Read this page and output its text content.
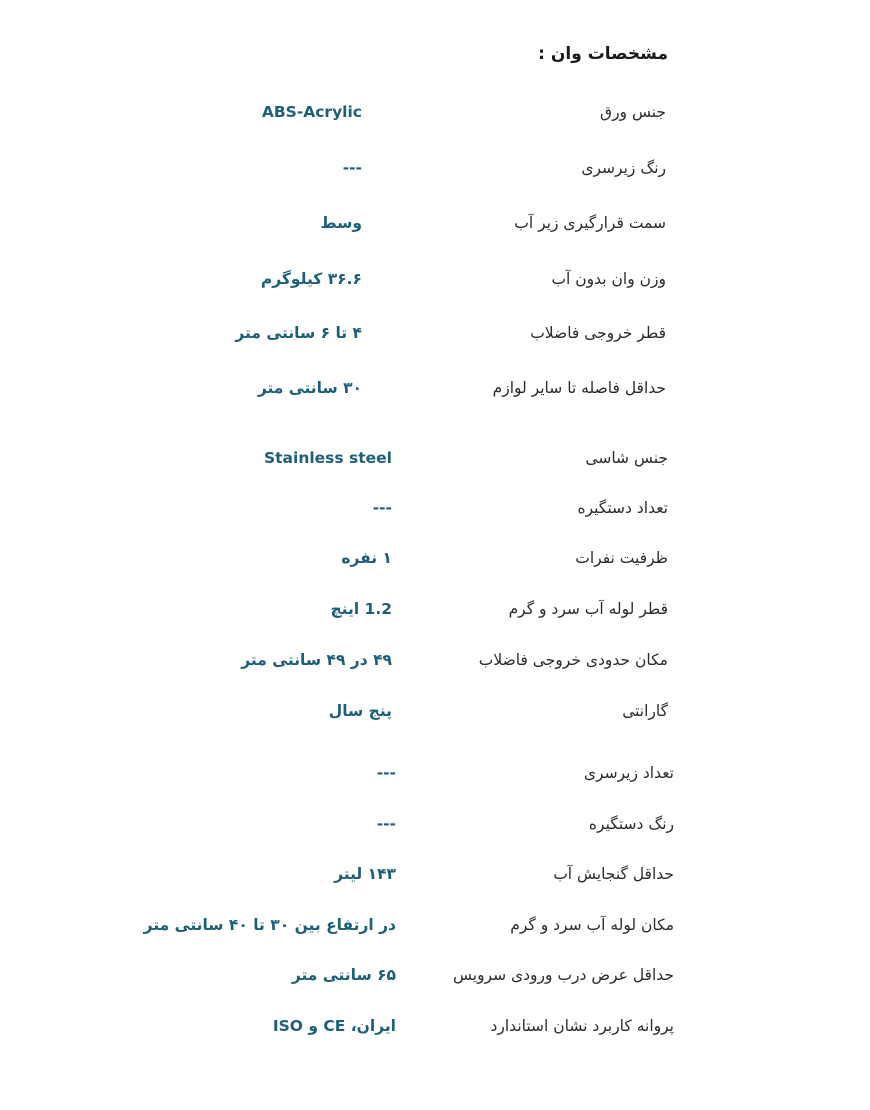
مشخصات وان :
جنس ورق
ABS-Acrylic
رنگ زیرسری
---
سمت قرارگیری زیر آب
وسط
وزن وان بدون آب
۳۶.۶ کیلوگرم
قطر خروجی فاضلاب
۴ تا ۶ سانتی متر
حداقل فاصله تا سایر لوازم
۳۰ سانتی متر
جنس شاسی
Stainless steel
تعداد دستگیره
---
ظرفیت نفرات
۱ نفره
قطر لوله آب سرد و گرم
1.2 اینچ
مکان حدودی خروجی فاضلاب
۴۹ در ۴۹ سانتی متر
گارانتی
پنج سال
تعداد زیرسری
---
رنگ دستگیره
---
حداقل گنجایش آب
۱۴۳ لیتر
مکان لوله آب سرد و گرم
در ارتفاع بین ۳۰ تا ۴۰ سانتی متر
حداقل عرض درب ورودی سرویس
۶۵ سانتی متر
پروانه کاربرد نشان استاندارد
ایران، CE و ISO
